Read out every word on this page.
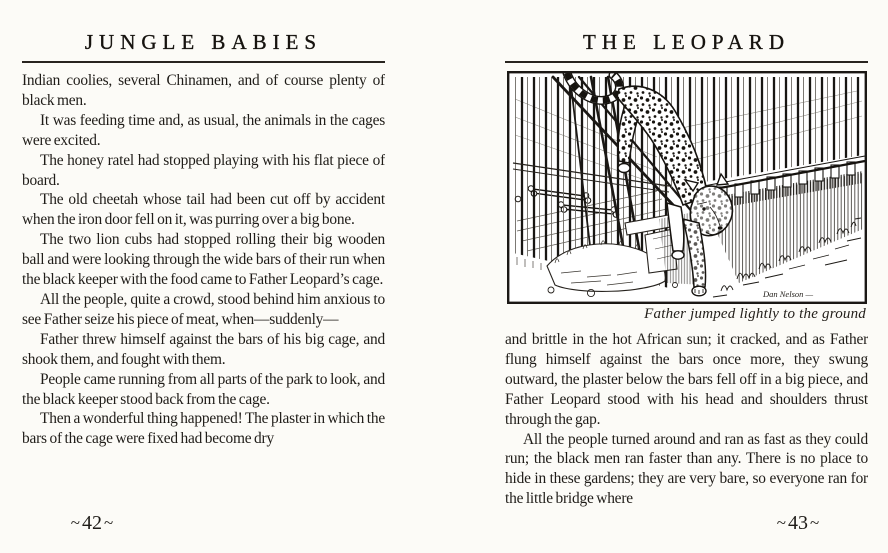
JUNGLE BABIES

Indian coolies, several Chinamen, and of course plenty of black men.

It was feeding time and, as usual, the animals in the cages were excited.

The honey ratel had stopped playing with his flat piece of board.

The old cheetah whose tail had been cut off by accident when the iron door fell on it, was purring over a big bone.

The two lion cubs had stopped rolling their big wooden ball and were looking through the wide bars of their run when the black keeper with the food came to Father Leopard’s cage.

All the people, quite a crowd, stood behind him anxious to see Father seize his piece of meat, when—suddenly—

Father threw himself against the bars of his big cage, and shook them, and fought with them.

People came running from all parts of the park to look, and the black keeper stood back from the cage.

Then a wonderful thing happened! The plaster in which the bars of the cage were fixed had become dry

~ 42 ~
THE LEOPARD
Dan Nelson —
Father jumped lightly to the ground

and brittle in the hot African sun; it cracked, and as Father flung himself against the bars once more, they swung outward, the plaster below the bars fell off in a big piece, and Father Leopard stood with his head and shoulders thrust through the gap.

All the people turned around and ran as fast as they could run; the black men ran faster than any. There is no place to hide in these gardens; they are very bare, so everyone ran for the little bridge where

~ 43 ~
